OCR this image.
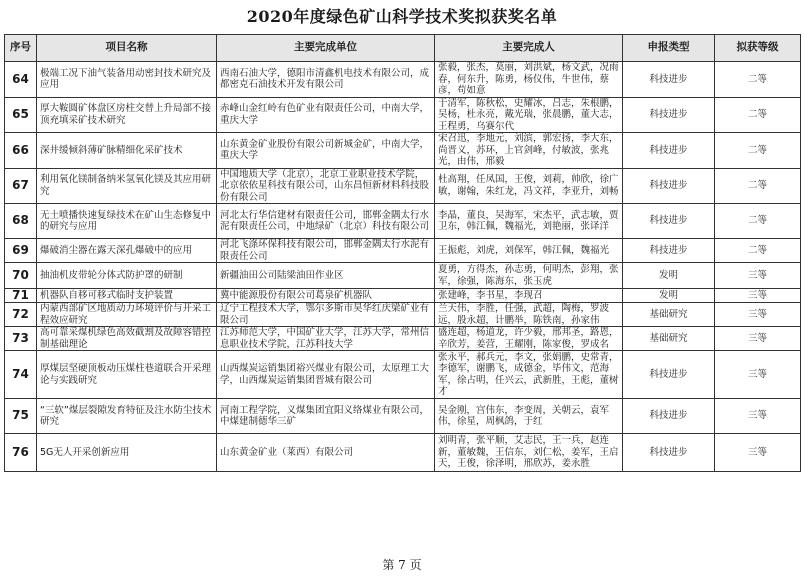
2020年度绿色矿山科学技术奖拟获奖名单
序号	项目名称	主要完成单位	主要完成人	申报类型	拟获等级
64	极端工况下油气装备用动密封技术研究及应用	西南石油大学，德阳市清鑫机电技术有限公司，成都密克石油技术开发有限公司	张毅，张杰，莫丽，刘洪斌，杨文武，况雨春，何东升，陈勇，杨仪伟，牛世伟，蔡彦，苟如意	科技进步	二等
65	厚大鞍圆矿体盘区房柱交替上升局部不接顶充填采矿技术研究	赤峰山金红岭有色矿业有限责任公司，中南大学，重庆大学	于清军，陈秋松，史耀冰，吕志，朱根鹏，吴杨，杜永亮，戴光瑞，张晨鹏，董大志，王程勇，乌赛尔代	科技进步	二等
66	深井缓倾斜薄矿脉精细化采矿技术	山东黄金矿业股份有限公司新城金矿，中南大学，重庆大学	宋召迅，李地元，刘滨，郭宏扬，李大东，尚晋义，苏环，上官剑峰，付敏波，张兆光，由伟，邢毅	科技进步	二等
67	利用氧化镁制备纳米氢氧化镁及其应用研究	中国地质大学（北京），北京工业职业技术学院，北京依依星科技有限公司，山东昌恒新材料科技股份有限公司	杜高翔，任凤国，王俊，刘莉，帅欣，徐广敏，谢翰，朱红龙，冯文祥，李亚升，刘畅	科技进步	二等
68	无土喷播快速复绿技术在矿山生态修复中的研究与应用	河北太行华信建材有限责任公司，邯郸金隅太行水泥有限责任公司，中地绿矿（北京）科技有限公司	李晶，董良，吴海军，宋杰平，武志敏，贾卫东，韩江佩，魏福光，刘艳丽，张译洋	科技进步	二等
69	爆破消尘器在露天深孔爆破中的应用	河北飞涤环保科技有限公司，邯郸金隅太行水泥有限责任公司	王振彪，刘虎，刘保军，韩江佩，魏福光	科技进步	二等
70	抽油机皮带轮分体式防护罩的研制	新疆油田公司陆梁油田作业区	夏勇，方得杰，孙志勇，何明杰，彭翔，张军，徐强，陈海东，张玉虎	发明	三等
71	机器队自移可移式临时支护装置	冀中能源股份有限公司葛泉矿机器队	张建峰，李书星，李现召	发明	三等
72	内蒙西部矿区地质动力环境评价与开采工程效应研究	辽宁工程技术大学，鄂尔多斯市昊华红庆梁矿业有限公司	兰天伟，李胜，任强，武超，陶梅，罗波远，殷永超，计鹏举，陈铁南，孙家伟	基础研究	三等
73	高可靠采煤机绿色高效截割及故障容错控制基础理论	江苏师范大学，中国矿业大学，江苏大学，常州信息职业技术学院，江苏科技大学	盛连超，杨道龙，许少毅，邢邦圣，路恩，辛欣芳，姜营，王耀刚，陈家俊，罗成名	基础研究	三等
74	厚煤层坚硬顶板动压煤柱巷道联合开采理论与实践研究	山西煤炭运销集团裕兴煤业有限公司，太原理工大学，山西煤炭运销集团晋城有限公司	张永平，郝兵元，李文，张娟鹏，史常青，李德军，谢鹏飞，成德金，毕伟文，范海军，徐占明，任兴云，武新胜，王彪，董树才	科技进步	三等
75	“三软”煤层裂隙发育特征及注水防尘技术研究	河南工程学院，义煤集团宜阳义络煤业有限公司，中煤建制德华三矿	吴金刚，宫伟东，李变周，关朝云，袁军伟，徐星，周枫鸽，于红	科技进步	三等
76	5G无人开采创新应用	山东黄金矿业（莱西）有限公司	刘明青，张平顺，艾志民，王一兵，赵连新，董敏魏，王信东，刘仁松，姜军，王启天，王俊，徐泽明，邢欣苏，姜永胜	科技进步	三等
第 7 页
